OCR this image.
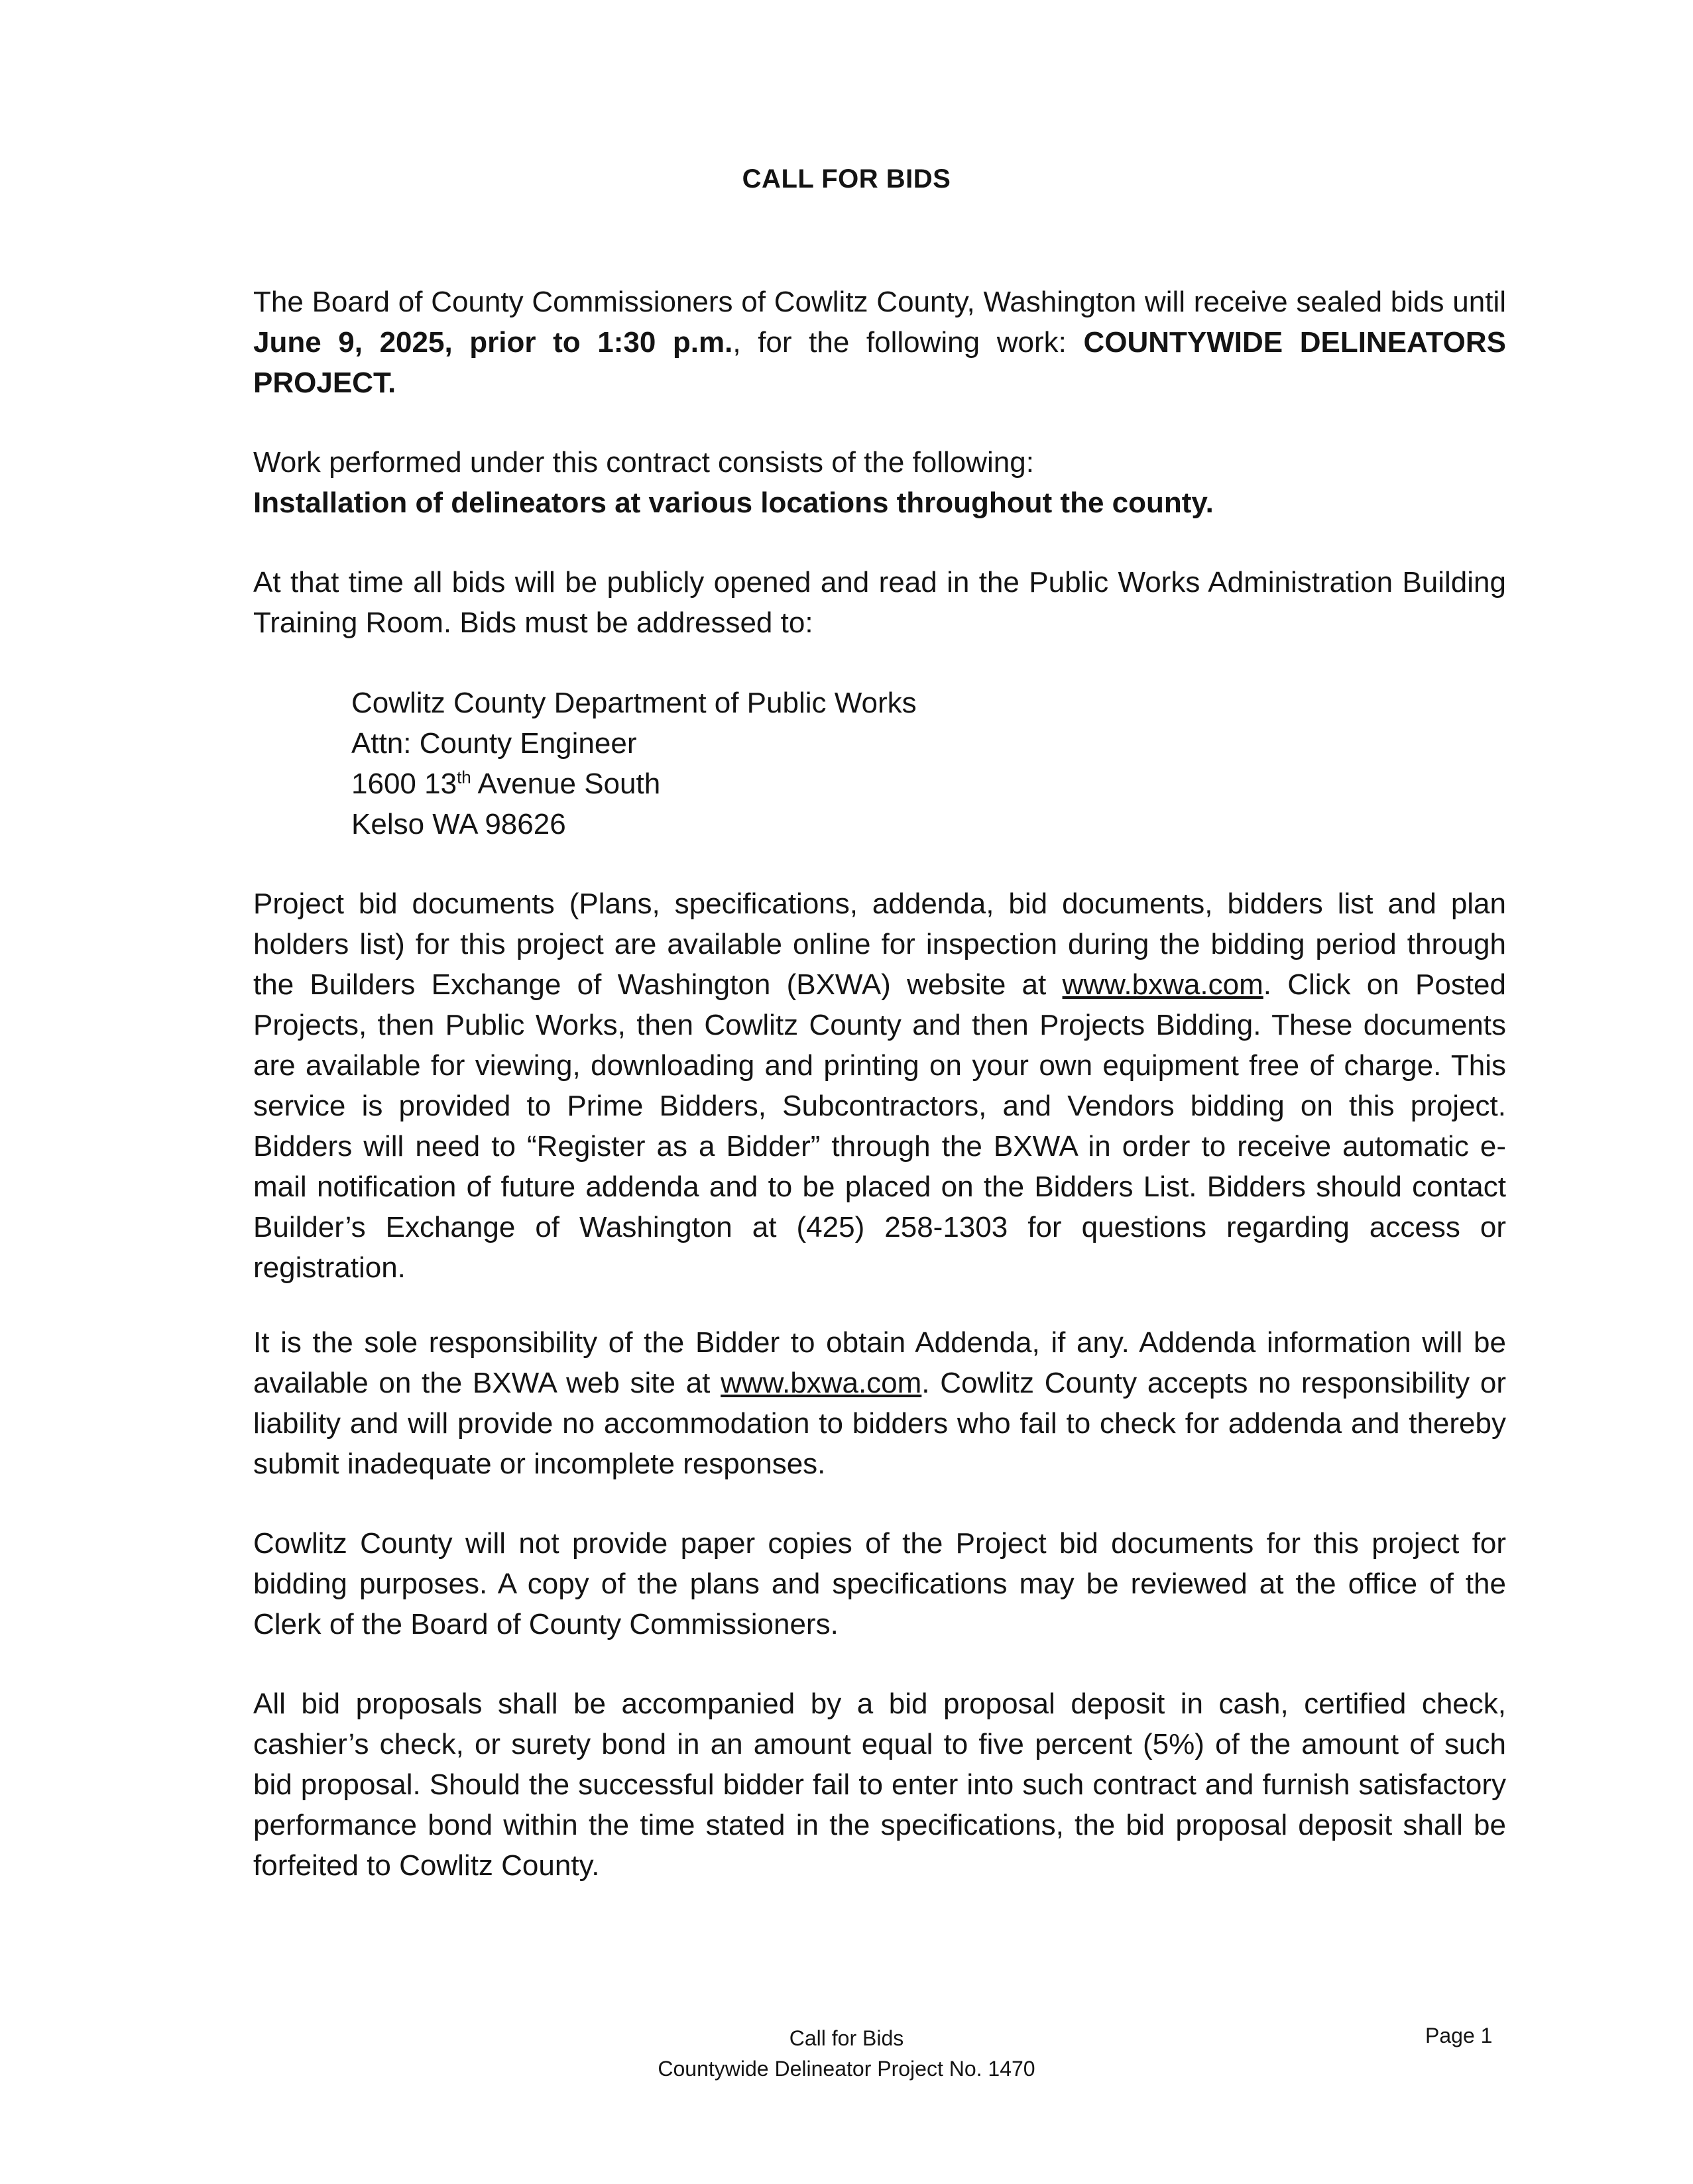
CALL FOR BIDS
The Board of County Commissioners of Cowlitz County, Washington will receive sealed bids until June 9, 2025, prior to 1:30 p.m., for the following work: COUNTYWIDE DELINEATORS PROJECT.
Work performed under this contract consists of the following:
Installation of delineators at various locations throughout the county.
At that time all bids will be publicly opened and read in the Public Works Administration Building Training Room. Bids must be addressed to:
Cowlitz County Department of Public Works
Attn: County Engineer
1600 13th Avenue South
Kelso WA 98626
Project bid documents (Plans, specifications, addenda, bid documents, bidders list and plan holders list) for this project are available online for inspection during the bidding period through the Builders Exchange of Washington (BXWA) website at www.bxwa.com. Click on Posted Projects, then Public Works, then Cowlitz County and then Projects Bidding. These documents are available for viewing, downloading and printing on your own equipment free of charge. This service is provided to Prime Bidders, Subcontractors, and Vendors bidding on this project. Bidders will need to “Register as a Bidder” through the BXWA in order to receive automatic e-mail notification of future addenda and to be placed on the Bidders List. Bidders should contact Builder’s Exchange of Washington at (425) 258-1303 for questions regarding access or registration.
It is the sole responsibility of the Bidder to obtain Addenda, if any. Addenda information will be available on the BXWA web site at www.bxwa.com. Cowlitz County accepts no responsibility or liability and will provide no accommodation to bidders who fail to check for addenda and thereby submit inadequate or incomplete responses.
Cowlitz County will not provide paper copies of the Project bid documents for this project for bidding purposes. A copy of the plans and specifications may be reviewed at the office of the Clerk of the Board of County Commissioners.
All bid proposals shall be accompanied by a bid proposal deposit in cash, certified check, cashier’s check, or surety bond in an amount equal to five percent (5%) of the amount of such bid proposal. Should the successful bidder fail to enter into such contract and furnish satisfactory performance bond within the time stated in the specifications, the bid proposal deposit shall be forfeited to Cowlitz County.
Call for Bids
Countywide Delineator Project No. 1470
Page 1
